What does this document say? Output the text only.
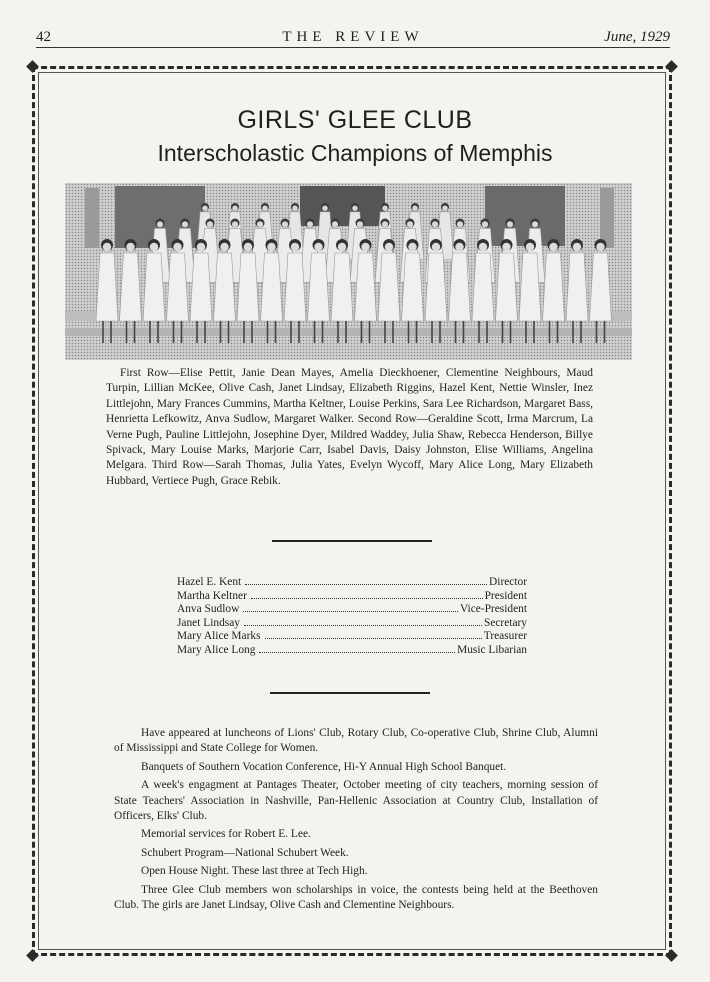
42	THE REVIEW	June, 1929
GIRLS' GLEE CLUB
Interscholastic Champions of Memphis
First Row—Elise Pettit, Janie Dean Mayes, Amelia Dieckhoener, Clementine Neighbours, Maud Turpin, Lillian McKee, Olive Cash, Janet Lindsay, Elizabeth Riggins, Hazel Kent, Nettie Winsler, Inez Littlejohn, Mary Frances Cummins, Martha Keltner, Louise Perkins, Sara Lee Richardson, Margaret Bass, Henrietta Lefkowitz, Anva Sudlow, Margaret Walker. Second Row—Geraldine Scott, Irma Marcrum, La Verne Pugh, Pauline Littlejohn, Josephine Dyer, Mildred Waddey, Julia Shaw, Rebecca Henderson, Billye Spivack, Mary Louise Marks, Marjorie Carr, Isabel Davis, Daisy Johnston, Elise Williams, Angelina Melgara. Third Row—Sarah Thomas, Julia Yates, Evelyn Wycoff, Mary Alice Long, Mary Elizabeth Hubbard, Vertiece Pugh, Grace Rebik.
Hazel E. Kent	Director
Martha Keltner	President
Anva Sudlow	Vice-President
Janet Lindsay	Secretary
Mary Alice Marks	Treasurer
Mary Alice Long	Music Libarian

Have appeared at luncheons of Lions' Club, Rotary Club, Co-operative Club, Shrine Club, Alumni of Mississippi and State College for Women.

Banquets of Southern Vocation Conference, Hi-Y Annual High School Banquet.

A week's engagment at Pantages Theater, October meeting of city teachers, morning session of State Teachers' Association in Nashville, Pan-Hellenic Association at Country Club, Installation of Officers, Elks' Club.

Memorial services for Robert E. Lee.

Schubert Program—National Schubert Week.

Open House Night. These last three at Tech High.

Three Glee Club members won scholarships in voice, the contests being held at the Beethoven Club. The girls are Janet Lindsay, Olive Cash and Clementine Neighbours.
